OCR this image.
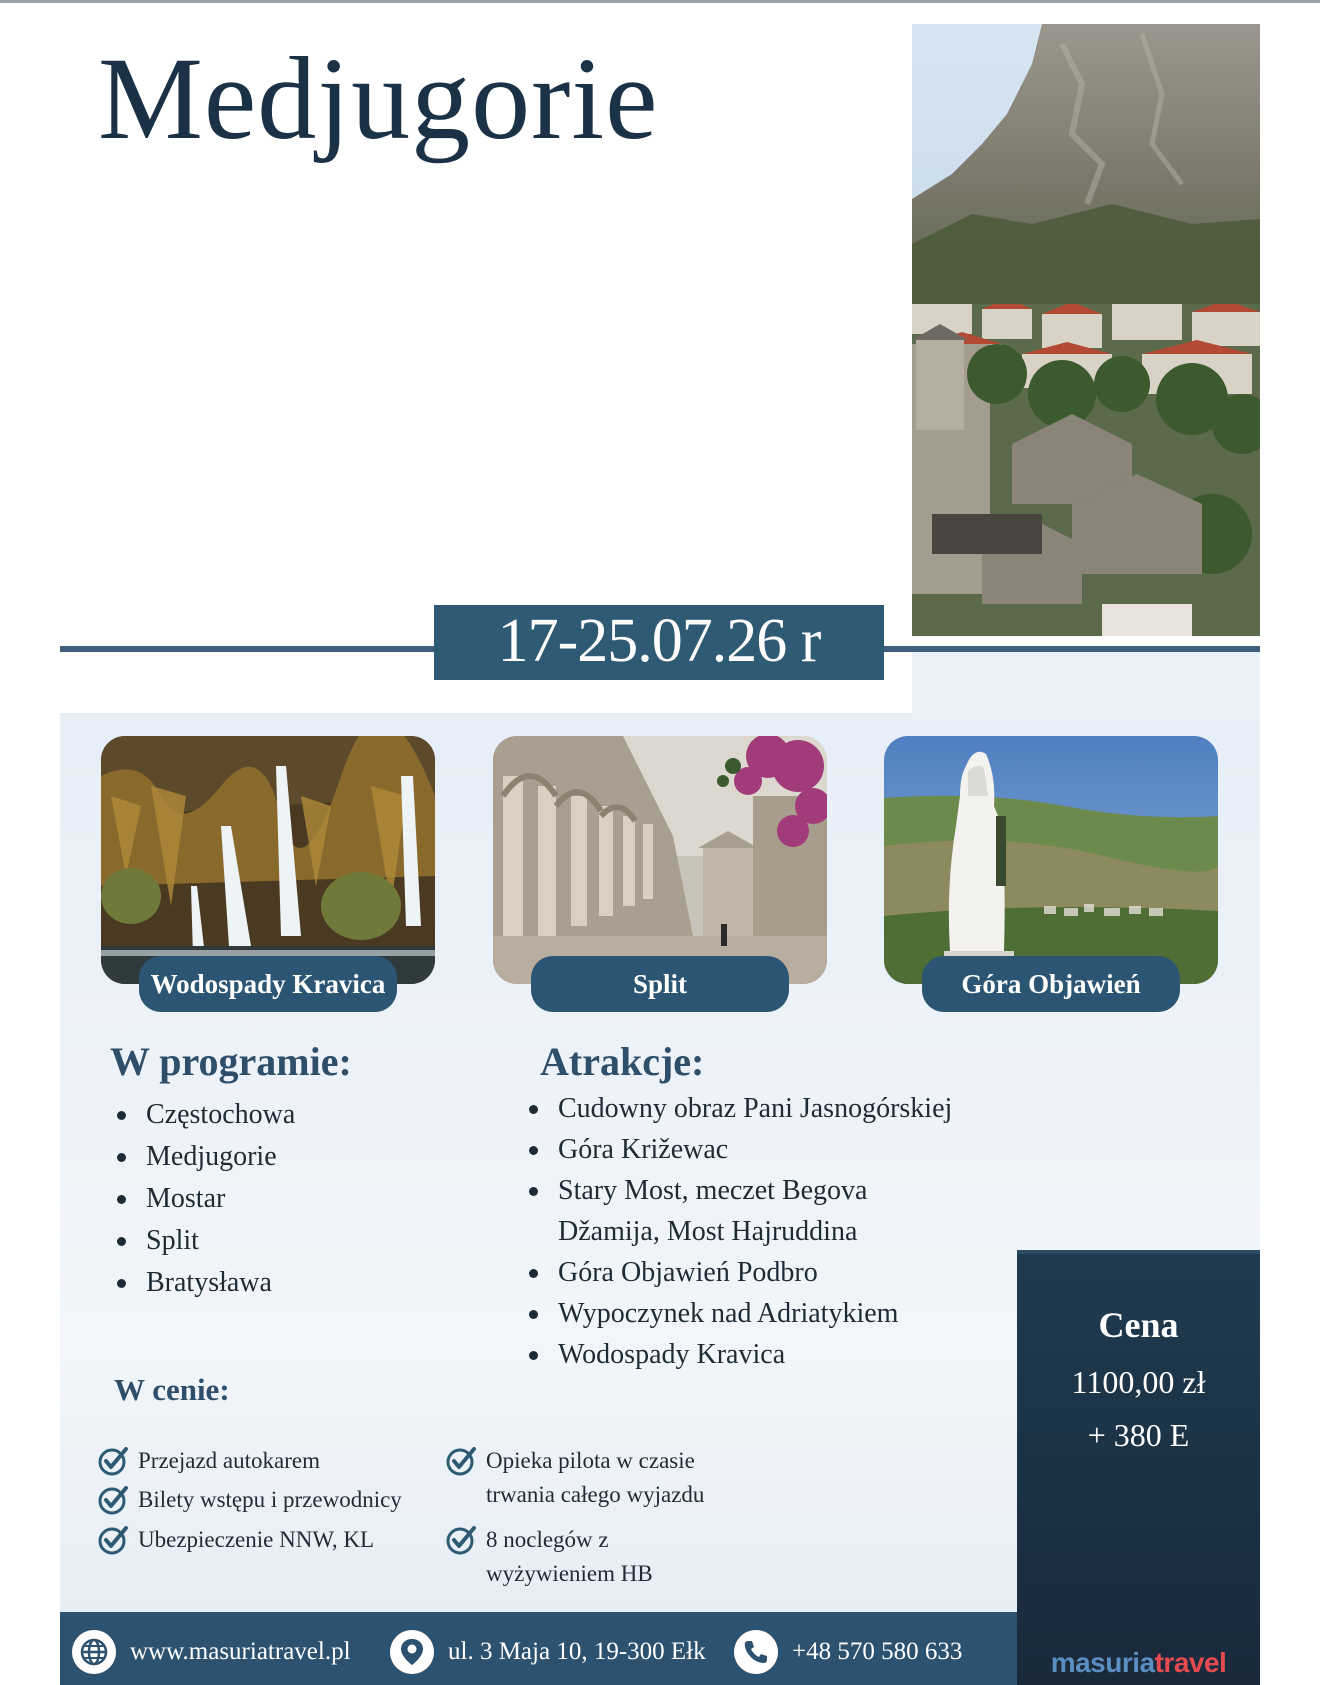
Medjugorie
17-25.07.26 r
Wodospady Kravica	Split	Góra Objawień
W programie:
Częstochowa
Medjugorie
Mostar
Split
Bratysława
Atrakcje:
Cudowny obraz Pani Jasnogórskiej
Góra Križewac
Stary Most, meczet Begova
Džamija, Most Hajruddina
Góra Objawień Podbro
Wypoczynek nad Adriatykiem
Wodospady Kravica
W cenie:
Przejazd autokarem
Bilety wstępu i przewodnicy
Ubezpieczenie NNW, KL
Opieka pilota w czasie
trwania całego wyjazdu
8 noclegów z
wyżywieniem HB
www.masuriatravel.pl	ul. 3 Maja 10, 19-300 Ełk	+48 570 580 633
Cena
1100,00 zł
+ 380 E
masuriatravel
